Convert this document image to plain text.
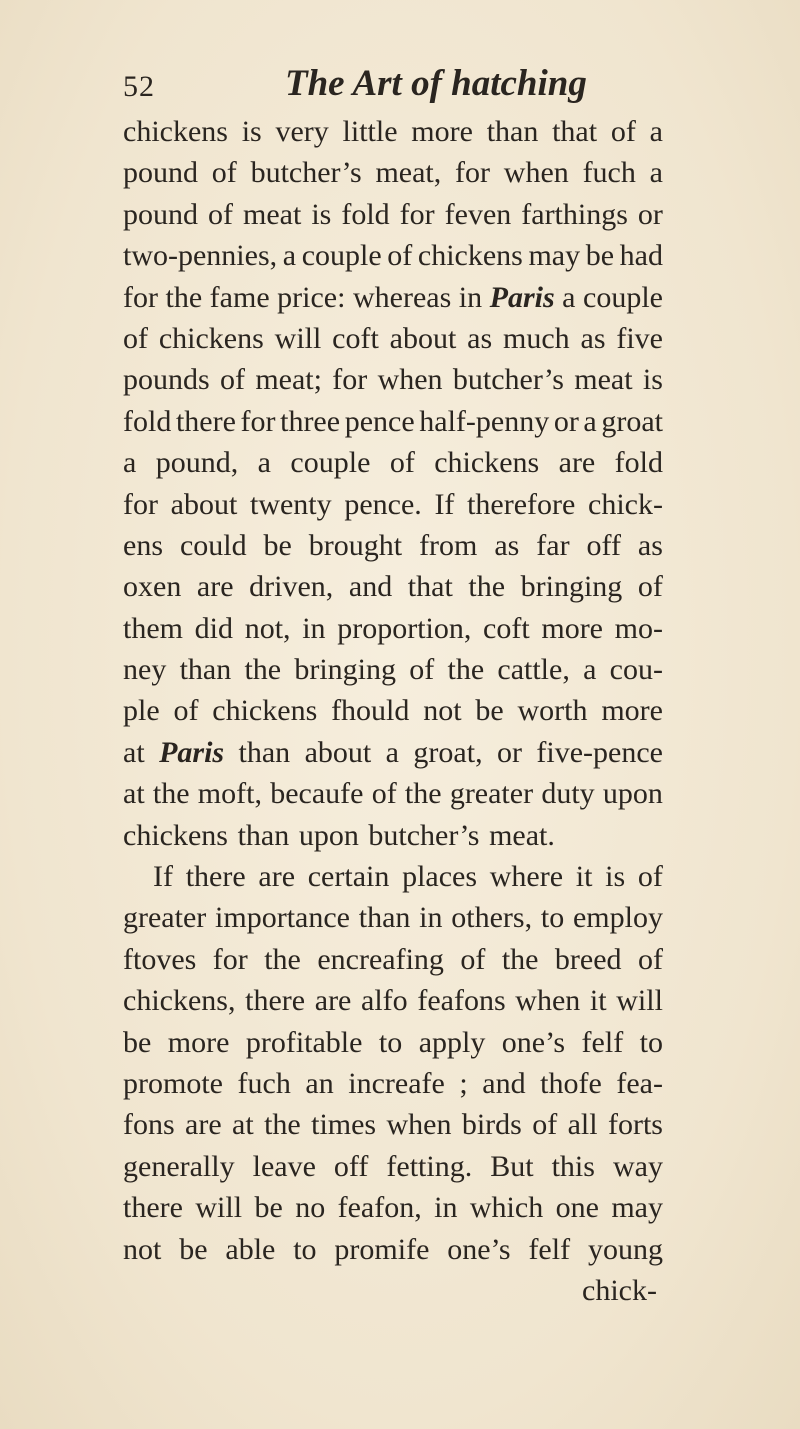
52	The Art of hatching
chickens is very little more than that of a
pound of butcher’s meat, for when fuch a
pound of meat is fold for feven farthings or
two-pennies, a couple of chickens may be had
for the fame price: whereas in Paris a couple
of chickens will coft about as much as five
pounds of meat; for when butcher’s meat is
fold there for three pence half-penny or a groat
a pound, a couple of chickens are fold
for about twenty pence. If therefore chick-
ens could be brought from as far off as
oxen are driven, and that the bringing of
them did not, in proportion, coft more mo-
ney than the bringing of the cattle, a cou-
ple of chickens fhould not be worth more
at Paris than about a groat, or five-pence
at the moft, becaufe of the greater duty upon
chickens than upon butcher’s meat.
If there are certain places where it is of
greater importance than in others, to employ
ftoves for the encreafing of the breed of
chickens, there are alfo feafons when it will
be more profitable to apply one’s felf to
promote fuch an increafe ; and thofe fea-
fons are at the times when birds of all forts
generally leave off fetting. But this way
there will be no feafon, in which one may
not be able to promife one’s felf young
chick-
